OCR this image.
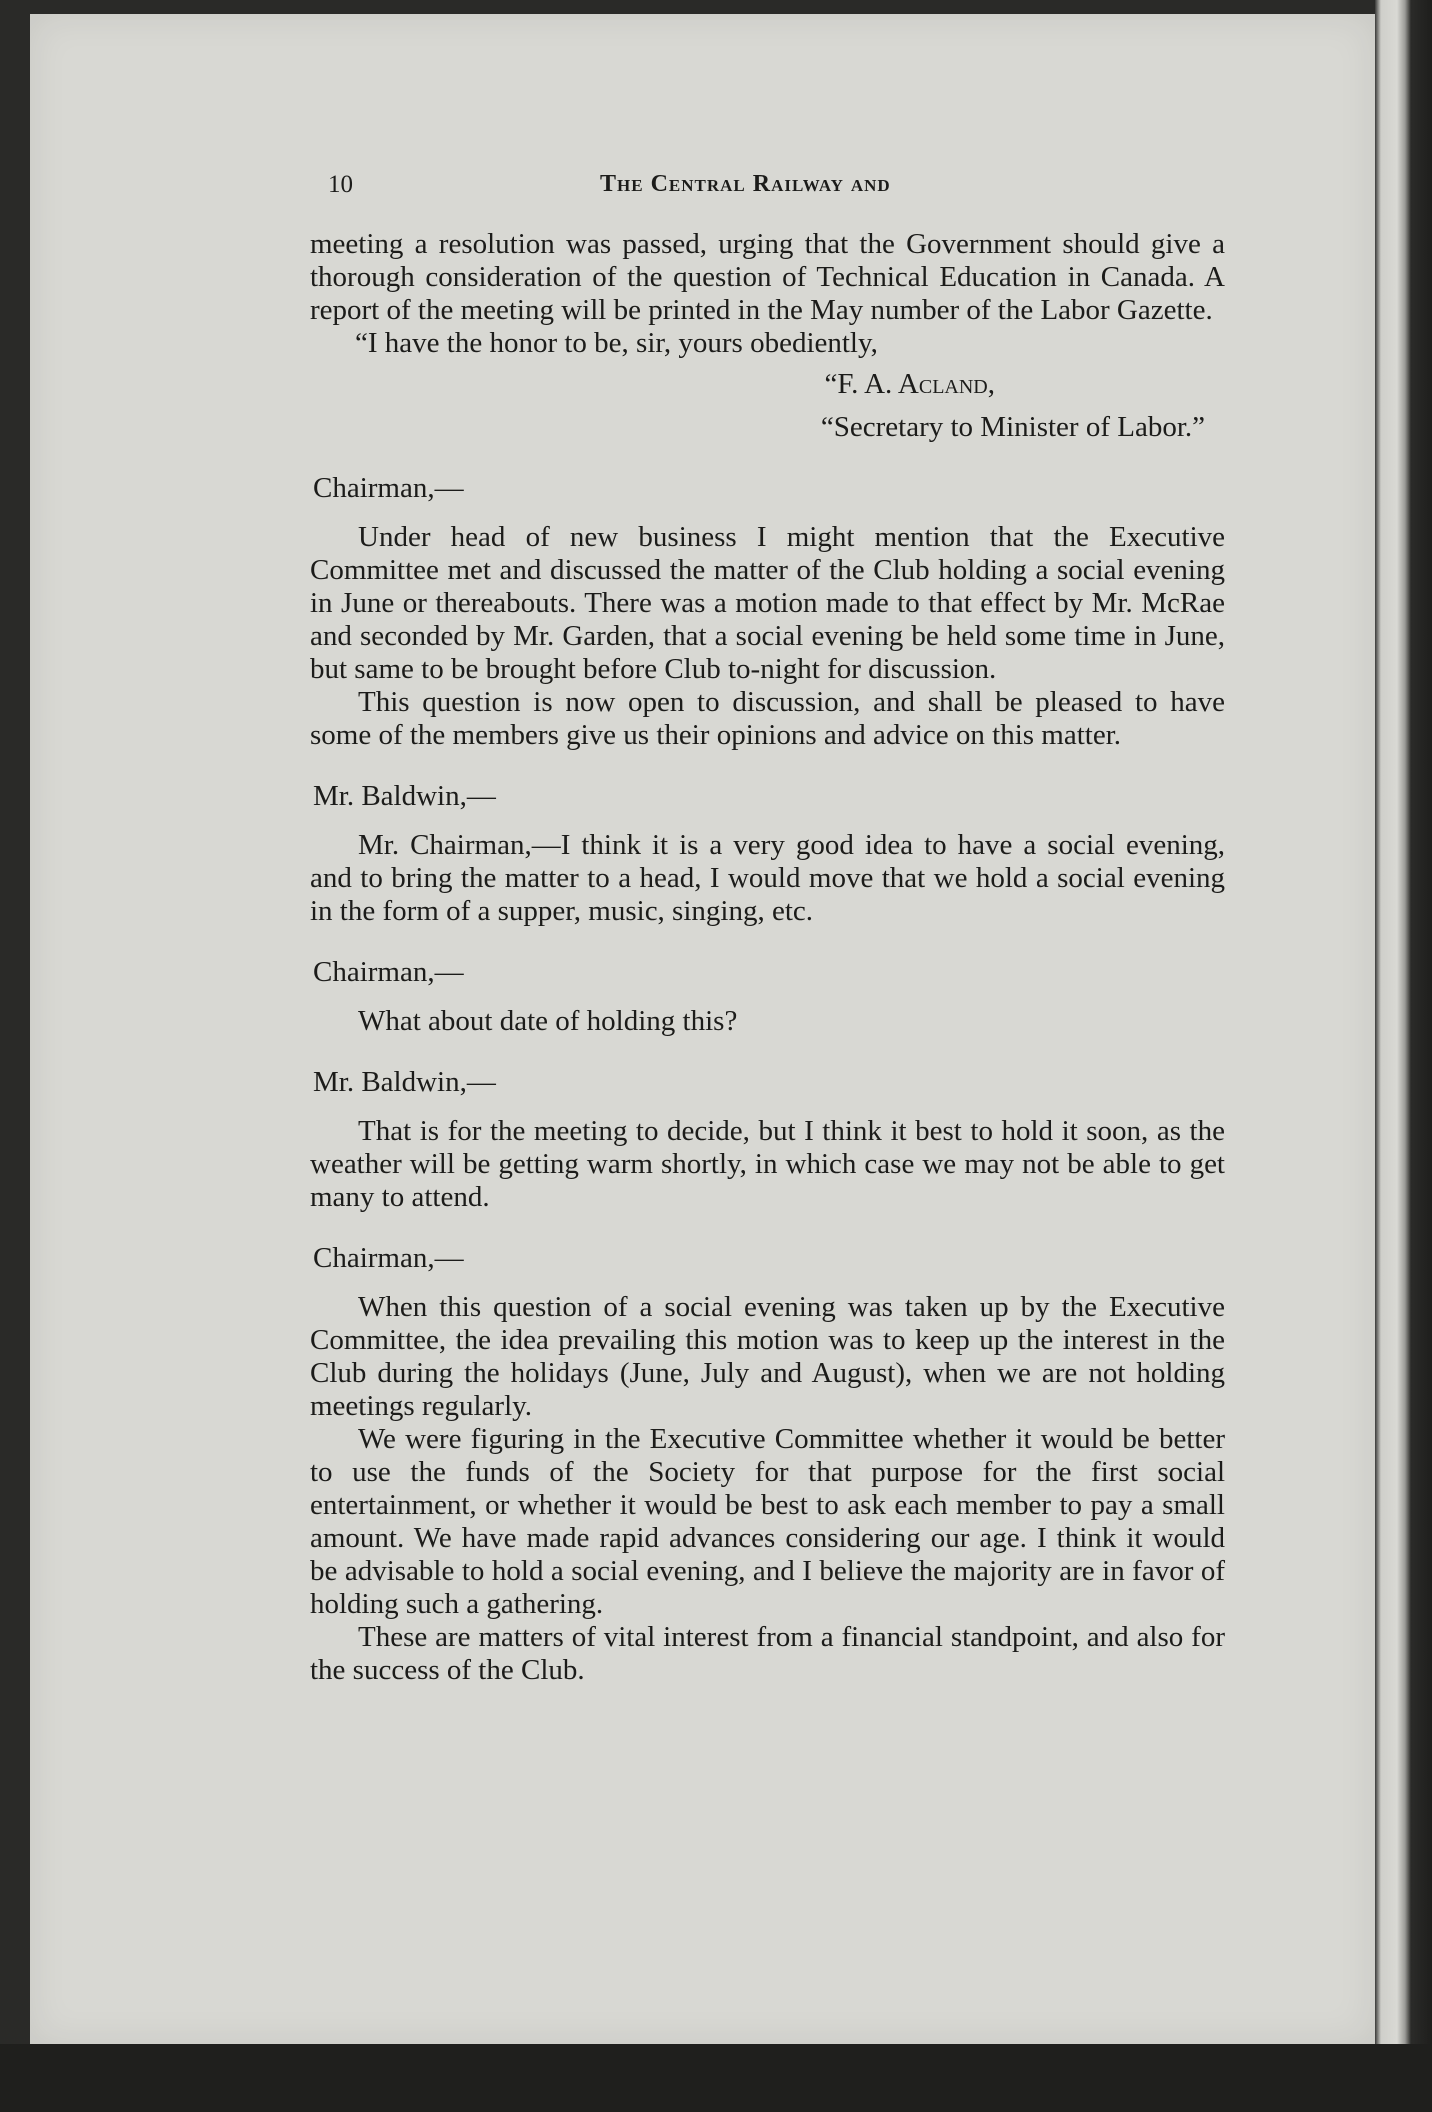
10	The Central Railway and

meeting a resolution was passed, urging that the Government should give a thorough consideration of the question of Technical Education in Canada. A report of the meeting will be printed in the May number of the Labor Gazette.

“I have the honor to be, sir, yours obediently,

“F. A. Acland,

“Secretary to Minister of Labor.”

Chairman,—

Under head of new business I might mention that the Executive Committee met and discussed the matter of the Club holding a social evening in June or thereabouts. There was a motion made to that effect by Mr. McRae and seconded by Mr. Garden, that a social evening be held some time in June, but same to be brought before Club to-night for discussion.

This question is now open to discussion, and shall be pleased to have some of the members give us their opinions and advice on this matter.

Mr. Baldwin,—

Mr. Chairman,—I think it is a very good idea to have a social evening, and to bring the matter to a head, I would move that we hold a social evening in the form of a supper, music, singing, etc.

Chairman,—

What about date of holding this?

Mr. Baldwin,—

That is for the meeting to decide, but I think it best to hold it soon, as the weather will be getting warm shortly, in which case we may not be able to get many to attend.

Chairman,—

When this question of a social evening was taken up by the Executive Committee, the idea prevailing this motion was to keep up the interest in the Club during the holidays (June, July and August), when we are not holding meetings regularly.

We were figuring in the Executive Committee whether it would be better to use the funds of the Society for that purpose for the first social entertainment, or whether it would be best to ask each member to pay a small amount. We have made rapid advances considering our age. I think it would be advisable to hold a social evening, and I believe the majority are in favor of holding such a gathering.

These are matters of vital interest from a financial standpoint, and also for the success of the Club.
